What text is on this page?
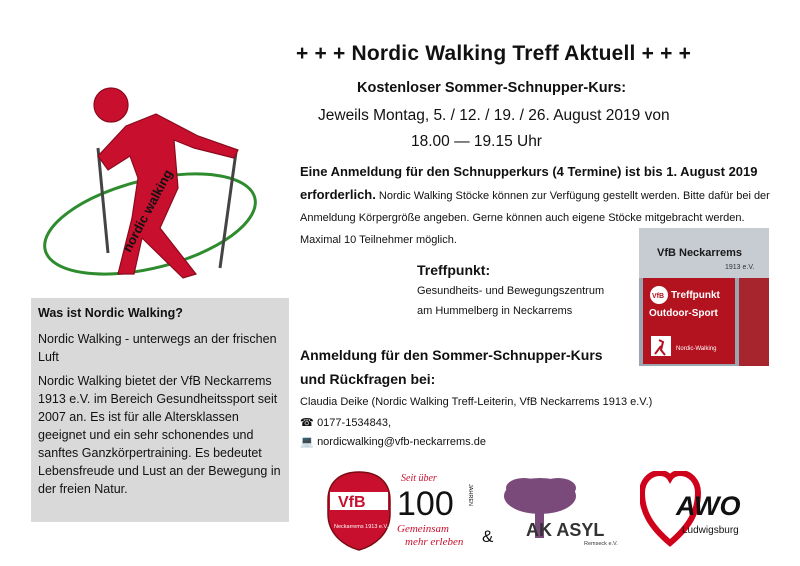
+ + + Nordic Walking Treff Aktuell + + +
Kostenloser Sommer-Schnupper-Kurs:
Jeweils Montag, 5. / 12. / 19. / 26. August 2019 von
18.00 — 19.15 Uhr
Eine Anmeldung für den Schnupperkurs (4 Termine) ist bis 1. August 2019 erforderlich. Nordic Walking Stöcke können zur Verfügung gestellt werden. Bitte dafür bei der Anmeldung Körpergröße angeben. Gerne können auch eigene Stöcke mitgebracht werden. Maximal 10 Teilnehmer möglich.
Treffpunkt:
Gesundheits- und Bewegungszentrum
am Hummelberg in Neckarrems
Anmeldung für den Sommer-Schnupper-Kurs
und Rückfragen bei:
Claudia Deike (Nordic Walking Treff-Leiterin, VfB Neckarrems 1913 e.V.)
☎ 0177-1534843,
💻 nordicwalking@vfb-neckarrems.de
Was ist Nordic Walking?

Nordic Walking - unterwegs an der frischen Luft

Nordic Walking bietet der VfB Neckarrems 1913 e.V. im Bereich Gesundheitssport seit 2007 an. Es ist für alle Altersklassen geeignet und ein sehr schonendes und sanftes Ganzkörpertraining. Es bedeutet Lebensfreude und Lust an der Bewegung in der freien Natur.

nordic walking	VfB Neckarrems
1913 e.V.
VfB Treffpunkt
Outdoor-Sport
Nordic-Walking
VfB
Neckarrems 1913 e.V.
Seit über
100 JAHREN
Gemeinsam
mehr erleben & AK ASYL
Remseck e.V.
AWO
Ludwigsburg
